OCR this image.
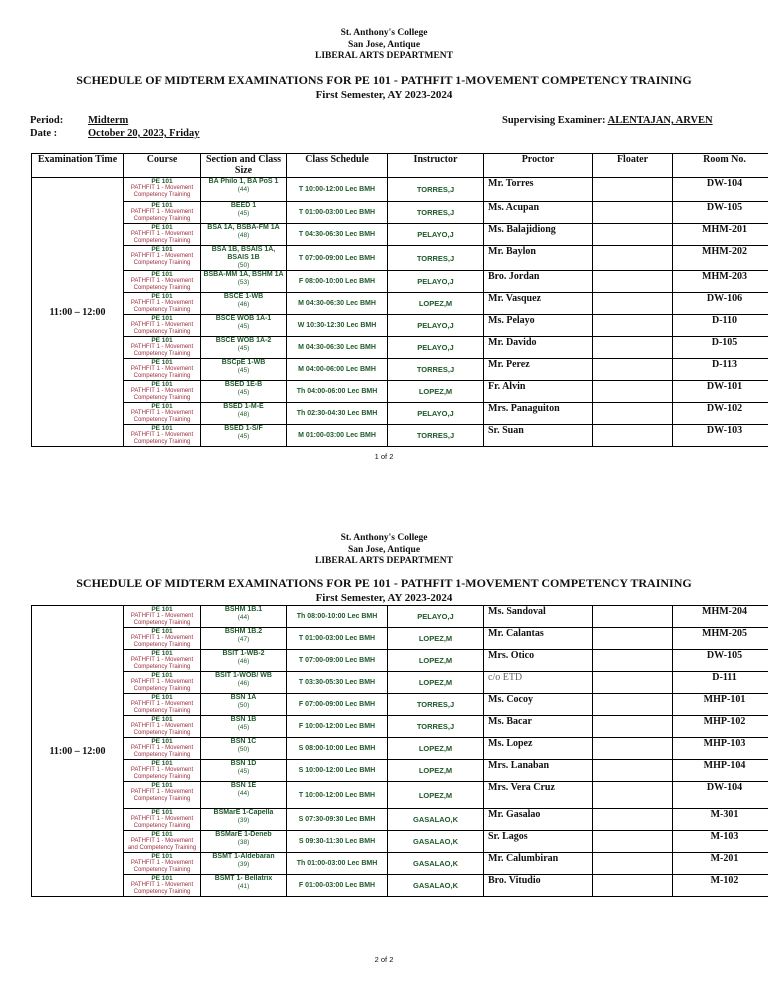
St. Anthony's College
San Jose, Antique
LIBERAL ARTS DEPARTMENT
SCHEDULE OF MIDTERM EXAMINATIONS FOR PE 101 - PATHFIT 1-MOVEMENT COMPETENCY TRAINING
First Semester, AY 2023-2024
Period: Midterm
Date :	October 20, 2023, Friday
Supervising Examiner: ALENTAJAN, ARVEN
Examination Time	Course	Section and Class Size	Class Schedule	Instructor	Proctor	Floater	Room No.
11:00 – 12:00	PE 101
PATHFIT 1 - Movement
Competency Training	BA Philo 1, BA PoS 1
(44)	T 10:00-12:00 Lec BMH	TORRES,J	Mr. Torres		DW-104

	PE 101
PATHFIT 1 - Movement
Competency Training	BEED 1
(45)	T 01:00-03:00 Lec BMH	TORRES,J	Ms. Acupan		DW-105

	PE 101
PATHFIT 1 - Movement
Competency Training	BSA 1A, BSBA-FM 1A
(48)	T 04:30-06:30 Lec BMH	PELAYO,J	Ms. Balajidiong		MHM-201

	PE 101
PATHFIT 1 - Movement
Competency Training	BSA 1B, BSAIS 1A, BSAIS 1B
(50)	T 07:00-09:00 Lec BMH	TORRES,J	Mr. Baylon		MHM-202

	PE 101
PATHFIT 1 - Movement
Competency Training	BSBA-MM 1A, BSHM 1A
(53)	F 08:00-10:00 Lec BMH	PELAYO,J	Bro. Jordan		MHM-203

	PE 101
PATHFIT 1 - Movement
Competency Training	BSCE 1-WB
(46)	M 04:30-06:30 Lec BMH	LOPEZ,M	Mr. Vasquez		DW-106

	PE 101
PATHFIT 1 - Movement
Competency Training	BSCE WOB 1A-1
(45)	W 10:30-12:30 Lec BMH	PELAYO,J	Ms. Pelayo		D-110

	PE 101
PATHFIT 1 - Movement
Competency Training	BSCE WOB 1A-2
(45)	M 04:30-06:30 Lec BMH	PELAYO,J	Mr. Davido		D-105

	PE 101
PATHFIT 1 - Movement
Competency Training	BSCpE 1-WB
(45)	M 04:00-06:00 Lec BMH	TORRES,J	Mr. Perez		D-113

	PE 101
PATHFIT 1 - Movement
Competency Training	BSED 1E-B
(45)	Th 04:00-06:00 Lec BMH	LOPEZ,M	Fr. Alvin		DW-101

	PE 101
PATHFIT 1 - Movement
Competency Training	BSED 1-M-E
(48)	Th 02:30-04:30 Lec BMH	PELAYO,J	Mrs. Panaguiton		DW-102

	PE 101
PATHFIT 1 - Movement
Competency Training	BSED 1-S/F
(45)	M 01:00-03:00 Lec BMH	TORRES,J	Sr. Suan		DW-103
1 of 2
St. Anthony's College
San Jose, Antique
LIBERAL ARTS DEPARTMENT
SCHEDULE OF MIDTERM EXAMINATIONS FOR PE 101 - PATHFIT 1-MOVEMENT COMPETENCY TRAINING
First Semester, AY 2023-2024
11:00 – 12:00	PE 101
PATHFIT 1 - Movement
Competency Training	BSHM 1B.1
(44)	Th 08:00-10:00 Lec BMH	PELAYO,J	Ms. Sandoval		MHM-204

	PE 101
PATHFIT 1 - Movement
Competency Training	BSHM 1B.2
(47)	T 01:00-03:00 Lec BMH	LOPEZ,M	Mr. Calantas		MHM-205

	PE 101
PATHFIT 1 - Movement
Competency Training	BSIT 1-WB-2
(46)	T 07:00-09:00 Lec BMH	LOPEZ,M	Mrs. Otico		DW-105

	PE 101
PATHFIT 1 - Movement
Competency Training	BSIT 1-WOB/ WB
(46)	T 03:30-05:30 Lec BMH	LOPEZ,M	c/o ETD		D-111

	PE 101
PATHFIT 1 - Movement
Competency Training	BSN 1A
(50)	F 07:00-09:00 Lec BMH	TORRES,J	Ms. Cocoy		MHP-101

	PE 101
PATHFIT 1 - Movement
Competency Training	BSN 1B
(45)	F 10:00-12:00 Lec BMH	TORRES,J	Ms. Bacar		MHP-102

	PE 101
PATHFIT 1 - Movement
Competency Training	BSN 1C
(50)	S 08:00-10:00 Lec BMH	LOPEZ,M	Ms. Lopez		MHP-103

	PE 101
PATHFIT 1 - Movement
Competency Training	BSN 1D
(45)	S 10:00-12:00 Lec BMH	LOPEZ,M	Mrs. Lanaban		MHP-104

	PE 101
PATHFIT 1 - Movement
Competency Training	BSN 1E
(44)	T 10:00-12:00 Lec BMH	LOPEZ,M	Mrs. Vera Cruz		DW-104

	PE 101
PATHFIT 1 - Movement
Competency Training	BSMarE 1-Capella
(39)	S 07:30-09:30 Lec BMH	GASALAO,K	Mr. Gasalao		M-301

	PE 101
PATHFIT 1 - Movement
and Competency Training	BSMarE 1-Deneb
(38)	S 09:30-11:30 Lec BMH	GASALAO,K	Sr. Lagos		M-103

	PE 101
PATHFIT 1 - Movement
Competency Training	BSMT 1-Aldebaran
(39)	Th 01:00-03:00 Lec BMH	GASALAO,K	Mr. Calumbiran		M-201

	PE 101
PATHFIT 1 - Movement
Competency Training	BSMT 1- Bellatrix
(41)	F 01:00-03:00 Lec BMH	GASALAO,K	Bro. Vitudio		M-102
2 of 2
